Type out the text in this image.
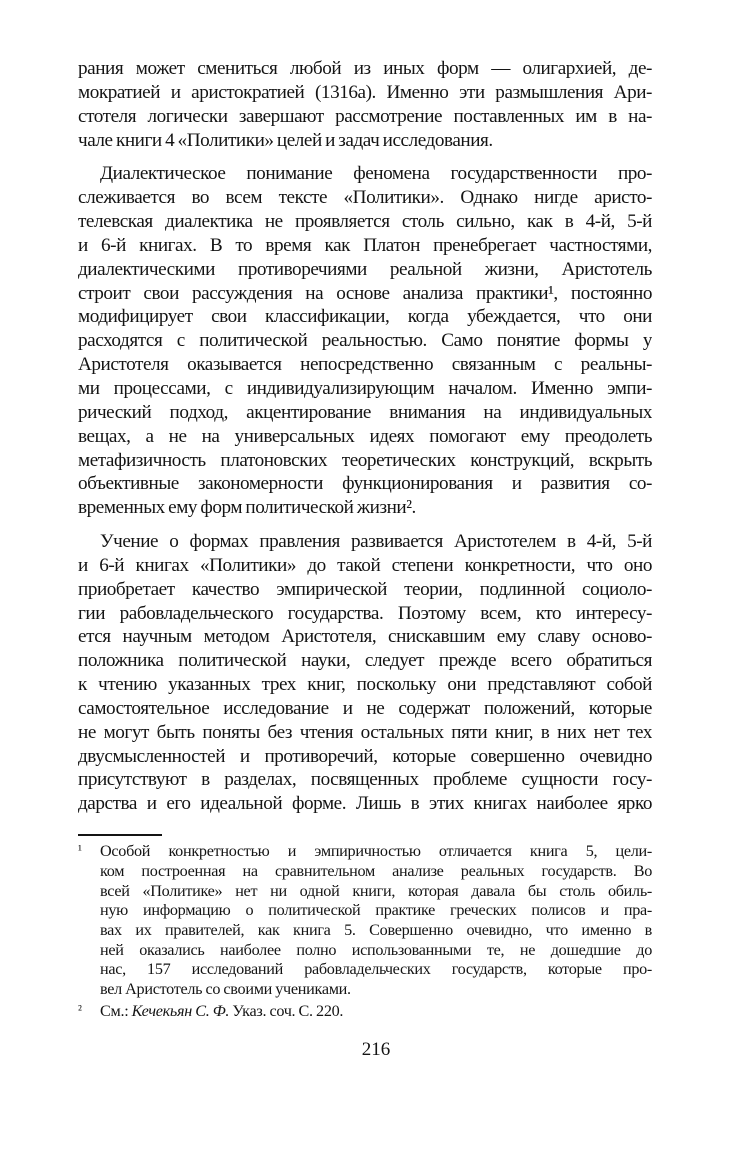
рания может смениться любой из иных форм — олигархией, де-
мократией и аристократией (1316а). Именно эти размышления Ари-
стотеля логически завершают рассмотрение поставленных им в на-
чале книги 4 «Политики» целей и задач исследования.
Диалектическое понимание феномена государственности про-
слеживается во всем тексте «Политики». Однако нигде аристо-
телевская диалектика не проявляется столь сильно, как в 4-й, 5-й
и 6-й книгах. В то время как Платон пренебрегает частностями,
диалектическими противоречиями реальной жизни, Аристотель
строит свои рассуждения на основе анализа практики¹, постоянно
модифицирует свои классификации, когда убеждается, что они
расходятся с политической реальностью. Само понятие формы у
Аристотеля оказывается непосредственно связанным с реальны-
ми процессами, с индивидуализирующим началом. Именно эмпи-
рический подход, акцентирование внимания на индивидуальных
вещах, а не на универсальных идеях помогают ему преодолеть
метафизичность платоновских теоретических конструкций, вскрыть
объективные закономерности функционирования и развития со-
временных ему форм политической жизни².
Учение о формах правления развивается Аристотелем в 4-й, 5-й
и 6-й книгах «Политики» до такой степени конкретности, что оно
приобретает качество эмпирической теории, подлинной социоло-
гии рабовладельческого государства. Поэтому всем, кто интересу-
ется научным методом Аристотеля, снискавшим ему славу осново-
положника политической науки, следует прежде всего обратиться
к чтению указанных трех книг, поскольку они представляют собой
самостоятельное исследование и не содержат положений, которые
не могут быть поняты без чтения остальных пяти книг, в них нет тех
двусмысленностей и противоречий, которые совершенно очевидно
присутствуют в разделах, посвященных проблеме сущности госу-
дарства и его идеальной форме. Лишь в этих книгах наиболее ярко
¹ Особой конкретностью и эмпиричностью отличается книга 5, цели-
ком построенная на сравнительном анализе реальных государств. Во
всей «Политике» нет ни одной книги, которая давала бы столь обиль-
ную информацию о политической практике греческих полисов и пра-
вах их правителей, как книга 5. Совершенно очевидно, что именно в
ней оказались наиболее полно использованными те, не дошедшие до
нас, 157 исследований рабовладельческих государств, которые про-
вел Аристотель со своими учениками.
² См.: Кечекьян С. Ф. Указ. соч. С. 220.
216
